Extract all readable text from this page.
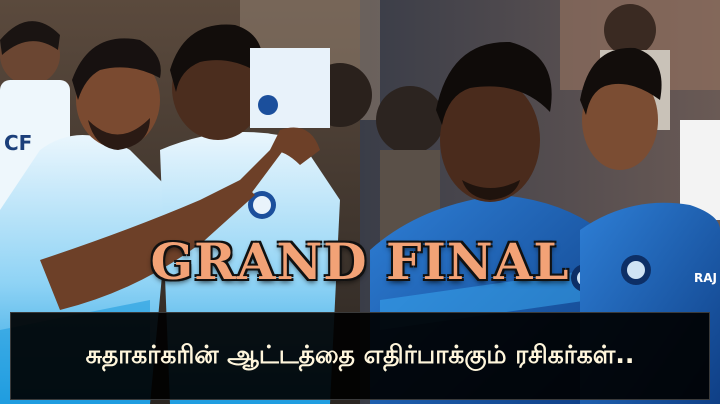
CF
RAJ
GRAND FINAL
சுதாகர்கரின் ஆட்டத்தை எதிர்பாக்கும் ரசிகர்கள்..
